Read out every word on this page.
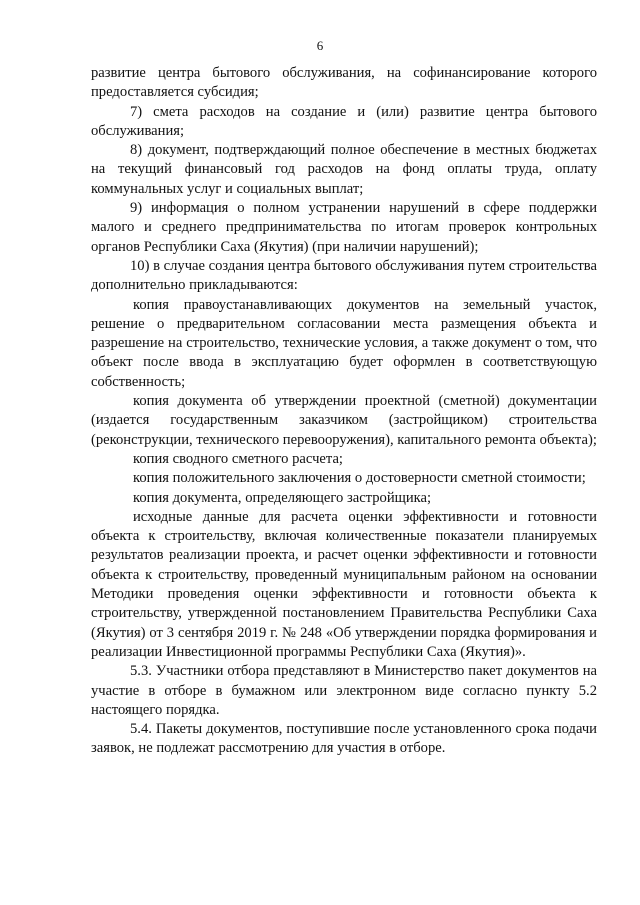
6

развитие центра бытового обслуживания, на софинансирование которого предоставляется субсидия;

7) смета расходов на создание и (или) развитие центра бытового обслуживания;

8) документ, подтверждающий полное обеспечение в местных бюджетах на текущий финансовый год расходов на фонд оплаты труда, оплату коммунальных услуг и социальных выплат;

9) информация о полном устранении нарушений в сфере поддержки малого и среднего предпринимательства по итогам проверок контрольных органов Республики Саха (Якутия) (при наличии нарушений);

10) в случае создания центра бытового обслуживания путем строительства дополнительно прикладываются:

копия правоустанавливающих документов на земельный участок, решение о предварительном согласовании места размещения объекта и разрешение на строительство, технические условия, а также документ о том, что объект после ввода в эксплуатацию будет оформлен в соответствующую собственность;

копия документа об утверждении проектной (сметной) документации (издается государственным заказчиком (застройщиком) строительства (реконструкции, технического перевооружения), капитального ремонта объекта);

копия сводного сметного расчета;

копия положительного заключения о достоверности сметной стоимости;

копия документа, определяющего застройщика;

исходные данные для расчета оценки эффективности и готовности объекта к строительству, включая количественные показатели планируемых результатов реализации проекта, и расчет оценки эффективности и готовности объекта к строительству, проведенный муниципальным районом на основании Методики проведения оценки эффективности и готовности объекта к строительству, утвержденной постановлением Правительства Республики Саха (Якутия) от 3 сентября 2019 г. № 248 «Об утверждении порядка формирования и реализации Инвестиционной программы Республики Саха (Якутия)».

5.3. Участники отбора представляют в Министерство пакет документов на участие в отборе в бумажном или электронном виде согласно пункту 5.2 настоящего порядка.

5.4. Пакеты документов, поступившие после установленного срока подачи заявок, не подлежат рассмотрению для участия в отборе.
